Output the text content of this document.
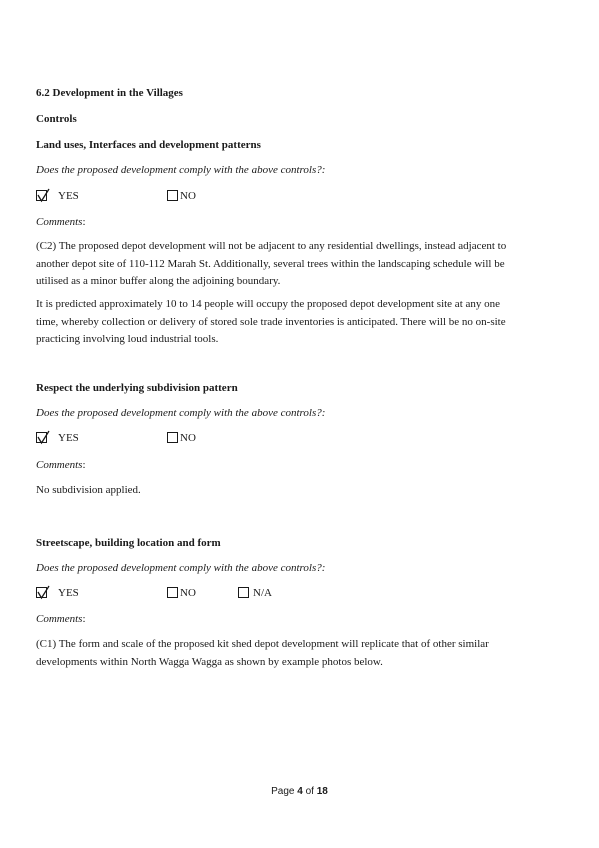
6.2 Development in the Villages
Controls
Land uses, Interfaces and development patterns
Does the proposed development comply with the above controls?:
YES	NO
Comments:
(C2) The proposed depot development will not be adjacent to any residential dwellings, instead adjacent to
another depot site of 110-112 Marah St. Additionally, several trees within the landscaping schedule will be
utilised as a minor buffer along the adjoining boundary.
It is predicted approximately 10 to 14 people will occupy the proposed depot development site at any one
time, whereby collection or delivery of stored sole trade inventories is anticipated. There will be no on-site
practicing involving loud industrial tools.
Respect the underlying subdivision pattern
Does the proposed development comply with the above controls?:
YES	NO
Comments:
No subdivision applied.
Streetscape, building location and form
Does the proposed development comply with the above controls?:
YES	NO	N/A
Comments:
(C1) The form and scale of the proposed kit shed depot development will replicate that of other similar
developments within North Wagga Wagga as shown by example photos below.
Page 4 of 18
